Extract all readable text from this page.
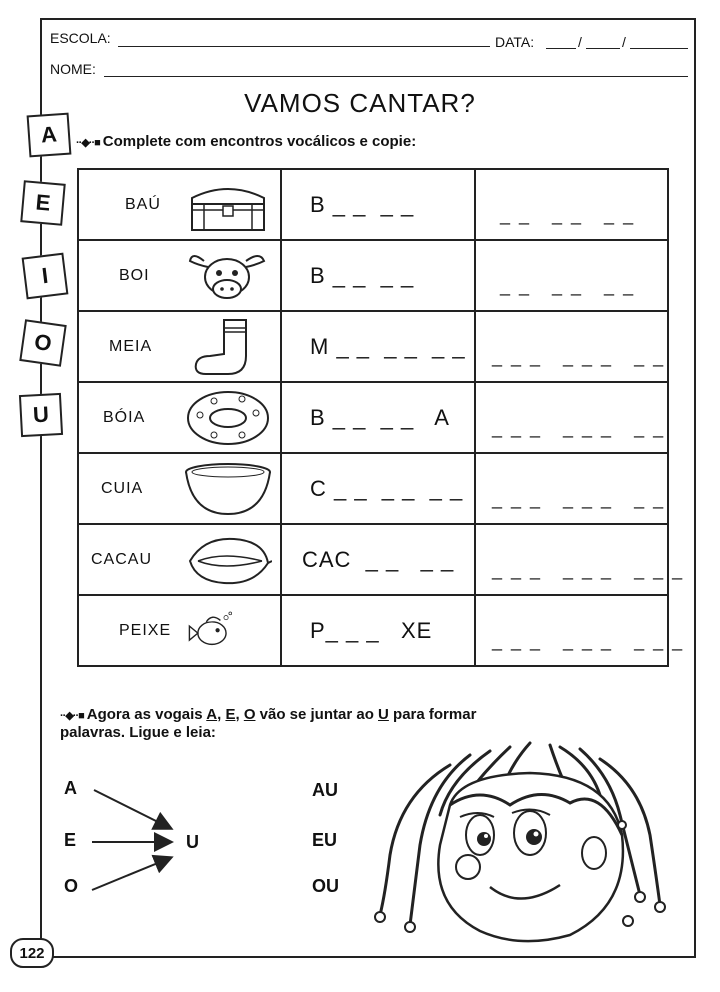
ESCOLA:	DATA:	/	/
NOME:
VAMOS CANTAR?
··◆··■ Complete com encontros vocálicos e copie:
A
E
I
O
U
BAÚ	B _ _  _ _	_ _   _ _   _ _

BOI	B _ _  _ _	_ _   _ _   _ _

MEIA	M _ _  _ _  _ _	_ _ _   _ _ _   _ _

BÓIA	B _ _  _ _   A	_ _ _   _ _ _   _ _

CUIA	C _ _  _ _  _ _	_ _ _   _ _ _   _ _

CACAU	CAC  _ _   _ _	_ _ _   _ _ _   _ _ _

PEIXE	P_ _ _   XE	_ _ _   _ _ _   _ _ _
··◆··■ Agora as vogais A, E, O vão se juntar ao U para formar
palavras. Ligue e leia:
A
E
O
U
AU
EU
OU
122
